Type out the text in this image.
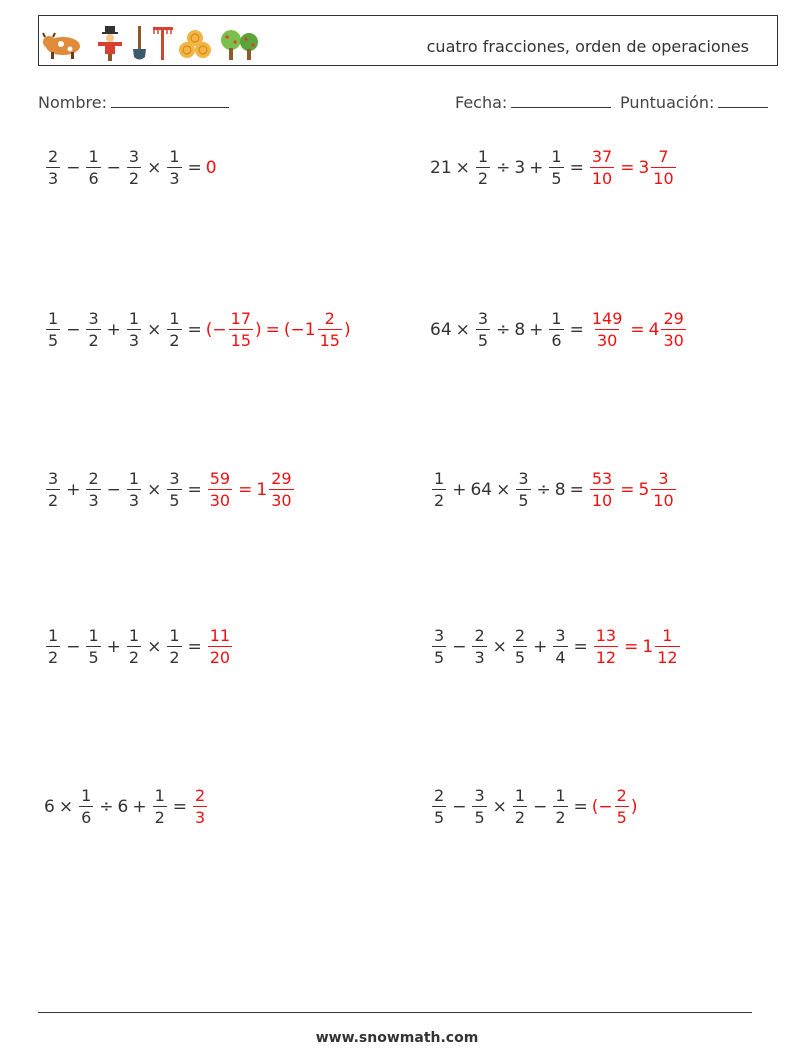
cuatro fracciones, orden de operaciones
Nombre:	Fecha:	Puntuación:
$\frac{2}{3} - \frac{1}{6} - \frac{3}{2} \times \frac{1}{3} = 0$	$21 \times \frac{1}{2} \div 3 + \frac{1}{5} = \frac{37}{10} = 3 \frac{7}{10}$
$\frac{1}{5} - \frac{3}{2} + \frac{1}{3} \times \frac{1}{2}$ = (− $\frac{17}{15}$ ) = ($-1 \frac{2}{15}$ )	$64 \times \frac{3}{5} \div 8 + \frac{1}{6} = \frac{149}{30} = 4 \frac{29}{30}$
$\frac{3}{2} + \frac{2}{3} - \frac{1}{3} \times \frac{3}{5} = \frac{59}{30} = 1 \frac{29}{30}$	$\frac{1}{2} + 64 \times \frac{3}{5} \div 8 = \frac{53}{10} = 5 \frac{3}{10}$
$\frac{1}{2} - \frac{1}{5} + \frac{1}{2} \times \frac{1}{2} = \frac{11}{20}$	$\frac{3}{5} - \frac{2}{3} \times \frac{2}{5} + \frac{3}{4} = \frac{13}{12} = 1 \frac{1}{12}$
$6 \times \frac{1}{6} \div 6 + \frac{1}{2} = \frac{2}{3}$	$\frac{2}{5} - \frac{3}{5} \times \frac{1}{2} - \frac{1}{2}$ = (− $\frac{2}{5}$ )
www.snowmath.com
